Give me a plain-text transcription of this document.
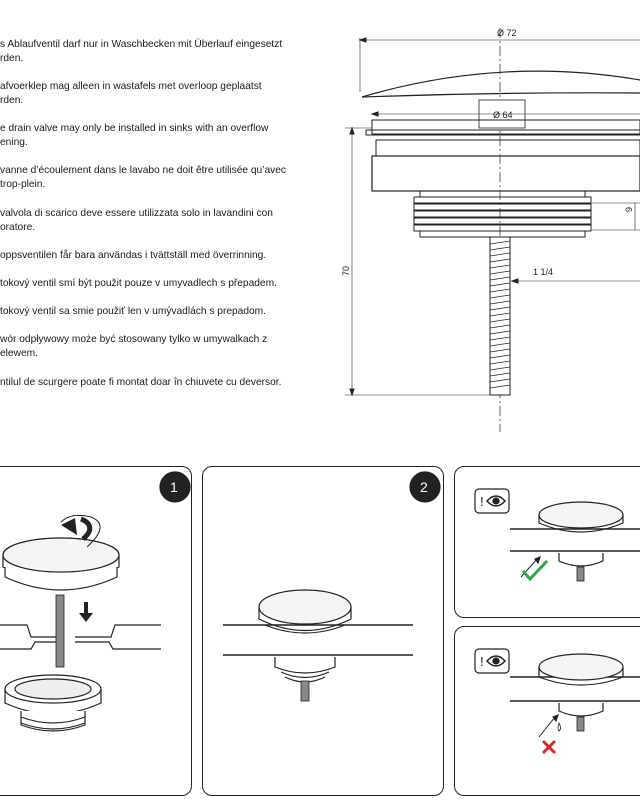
s Ablaufventil darf nur in Waschbecken mit Überlauf eingesetzt
rden.
afvoerklep mag alleen in wastafels met overloop geplaatst
rden.
e drain valve may only be installed in sinks with an overflow
ening.
vanne d’écoulement dans le lavabo ne doit être utilisée qu’avec
trop-plein.
valvola di scarico deve essere utilizzata solo in lavandini con
oratore.
oppsventilen får bara användas i tvättställ med överrinning.
tokový ventil smí být použit pouze v umyvadlech s přepadem.
tokový ventil sa smie použiť len v umývadlách s prepadom.
wór odpływowy może być stosowany tylko w umywalkach z
elewem.
ntilul de scurgere poate fi montat doar în chiuvete cu deversor.
Ø 72
Ø 64
1 1/4
9
70
1	2
!
!
